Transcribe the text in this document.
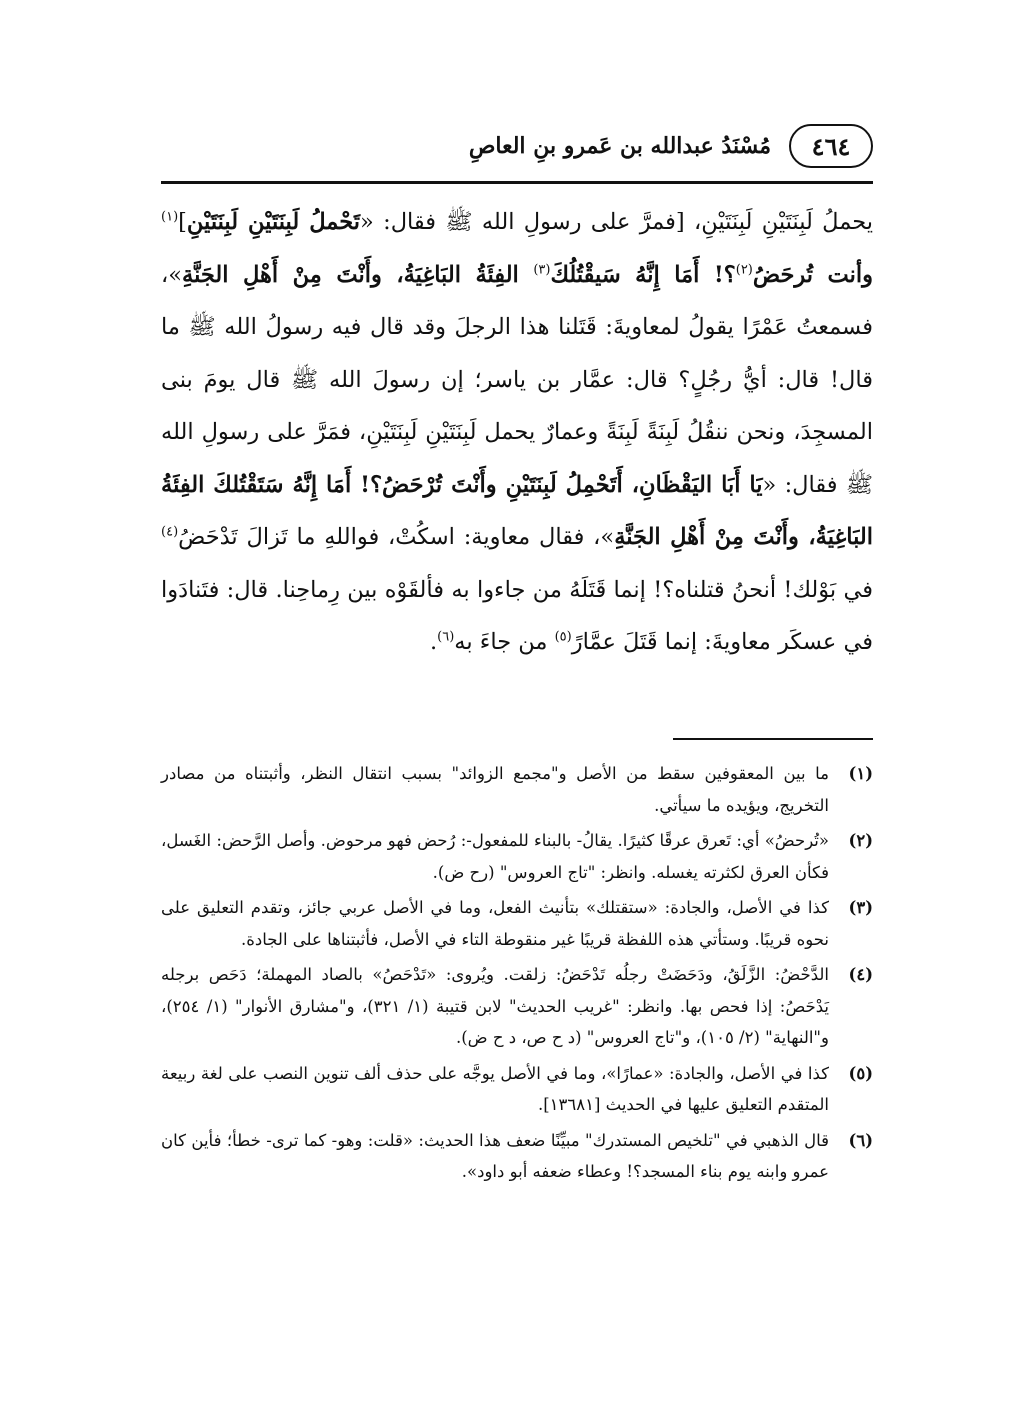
٤٦٤
مُسْنَدُ عبدالله بن عَمرو بنِ العاصِ

يحملُ لَبِنَتَيْنِ لَبِنَتَيْنِ، [فمرَّ على رسولِ الله ﷺ فقال: «تَحْملُ لَبِنَتَيْنِ لَبِنَتَيْنِ]$^{(١)}$ وأنت تُرحَضُ$^{(٢)}$؟! أَمَا إِنَّهُ سَيقْتُلُكَ$^{(٣)}$ الفِئَةُ البَاغِيَةُ، وأَنْتَ مِنْ أَهْلِ الجَنَّةِ»، فسمعتُ عَمْرًا يقولُ لمعاويةَ: قَتَلنا هذا الرجلَ وقد قال فيه رسولُ الله ﷺ ما قال! قال: أيُّ رجُلٍ؟ قال: عمَّار بن ياسر؛ إن رسولَ الله ﷺ قال يومَ بنى المسجِدَ، ونحن ننقُلُ لَبِنَةً لَبِنَةً وعمارٌ يحمل لَبِنَتَيْنِ لَبِنَتَيْنِ، فمَرَّ على رسولِ الله ﷺ فقال: «يَا أَبَا اليَقْظَانِ، أَتَحْمِلُ لَبِنَتَيْنِ وأَنْتَ تُرْحَضُ؟! أَمَا إِنَّهُ سَتَقْتُلكَ الفِئَةُ البَاغِيَةُ، وأَنْتَ مِنْ أَهْلِ الجَنَّةِ»، فقال معاوية: اسكُتْ، فواللهِ ما تَزالَ تَدْحَضُ$^{(٤)}$ في بَوْلك! أنحنُ قتلناه؟! إنما قَتَلَهُ من جاءوا به فألقَوْه بين رِماحِنا. قال: فتَنادَوا في عسكَر معاويةَ: إنما قَتَلَ عمَّارً$^{(٥)}$ من جاءَ به$^{(٦)}$.

(١)
ما بين المعقوفين سقط من الأصل و"مجمع الزوائد" بسبب انتقال النظر، وأثبتناه من مصادر التخريج، ويؤيده ما سيأتي.
(٢)
«تُرحضُ» أي: تَعرق عرقًا كثيرًا. يقالُ- بالبناء للمفعول-: رُحض فهو مرحوض. وأصل الرَّحض: الغَسل، فكأن العرق لكثرته يغسله. وانظر: "تاج العروس" (رح ض).
(٣)
كذا في الأصل، والجادة: «ستقتلك» بتأنيث الفعل، وما في الأصل عربي جائز، وتقدم التعليق على نحوه قريبًا. وستأتي هذه اللفظة قريبًا غير منقوطة التاء في الأصل، فأثبتناها على الجادة.
(٤)
الدَّحْضُ: الزَّلَقُ، ودَحَضَتْ رجلُه تَدْحَضُ: زلقت. ويُروى: «تَدْحَصُ» بالصاد المهملة؛ دَحَص برجله يَدْحَصُ: إذا فحص بها. وانظر: "غريب الحديث" لابن قتيبة (١/ ٣٢١)، و"مشارق الأنوار" (١/ ٢٥٤)، و"النهاية" (٢/ ١٠٥)، و"تاج العروس" (د ح ص، د ح ض).
(٥)
كذا في الأصل، والجادة: «عمارًا»، وما في الأصل يوجَّه على حذف ألف تنوين النصب على لغة ربيعة المتقدم التعليق عليها في الحديث [١٣٦٨١].
(٦)
قال الذهبي في "تلخيص المستدرك" مبيِّنًا ضعف هذا الحديث: «قلت: وهو- كما ترى- خطأ؛ فأين كان عمرو وابنه يوم بناء المسجد؟! وعطاء ضعفه أبو داود».
